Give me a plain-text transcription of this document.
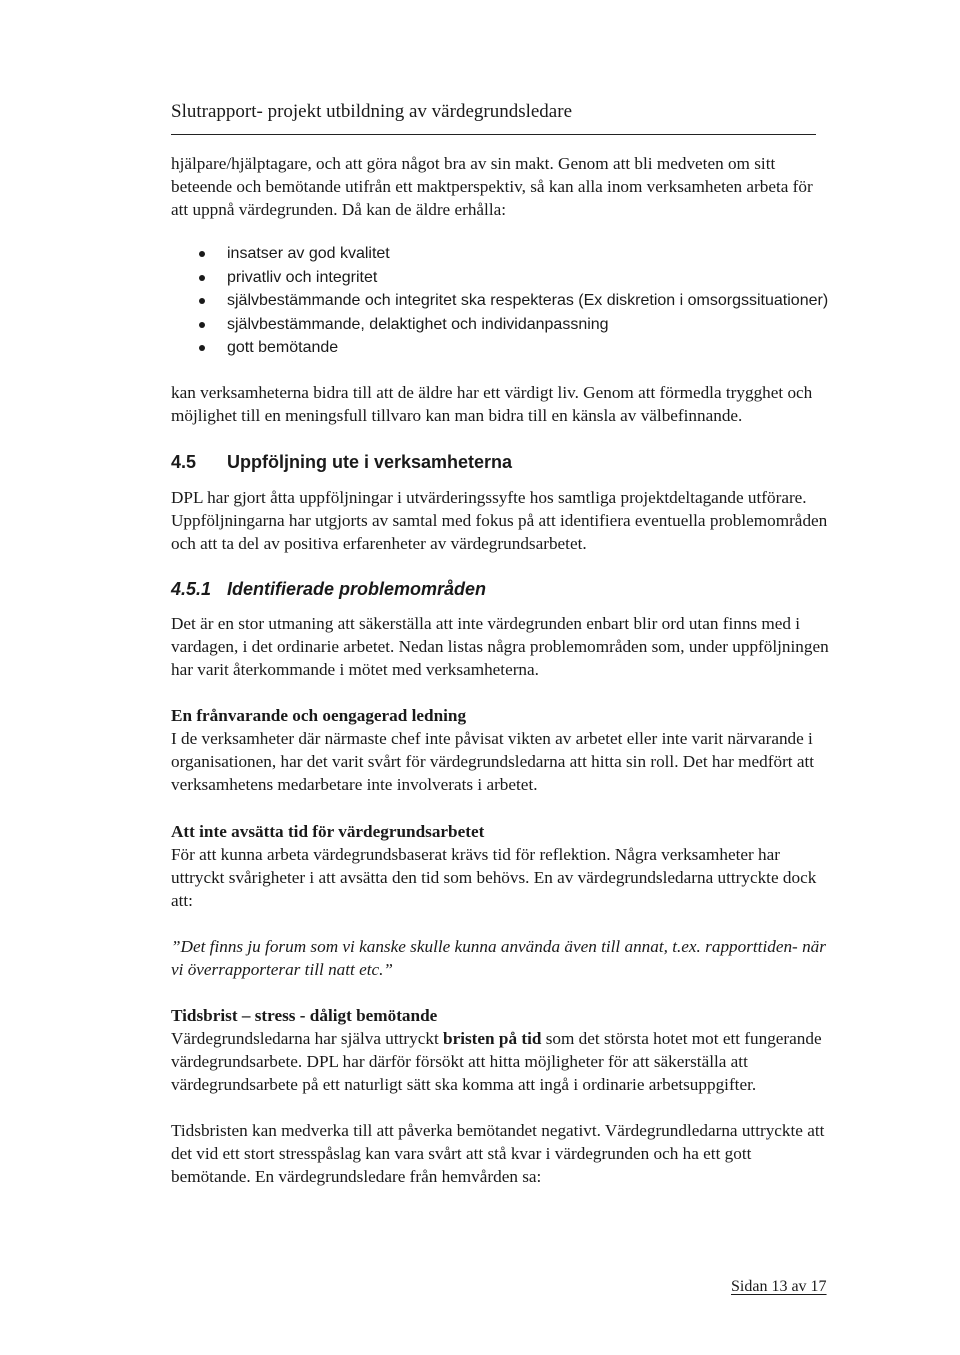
Slutrapport- projekt utbildning av värdegrundsledare

hjälpare/hjälptagare, och att göra något bra av sin makt. Genom att bli medveten om sitt beteende och bemötande utifrån ett maktperspektiv, så kan alla inom verksamheten arbeta för att uppnå värdegrunden. Då kan de äldre erhålla:

insatser av god kvalitet
privatliv och integritet
självbestämmande och integritet ska respekteras (Ex diskretion i omsorgssituationer)
självbestämmande, delaktighet och individanpassning
gott bemötande

kan verksamheterna bidra till att de äldre har ett värdigt liv. Genom att förmedla trygghet och möjlighet till en meningsfull tillvaro kan man bidra till en känsla av välbefinnande.

4.5 Uppföljning ute i verksamheterna

DPL har gjort åtta uppföljningar i utvärderingssyfte hos samtliga projektdeltagande utförare. Uppföljningarna har utgjorts av samtal med fokus på att identifiera eventuella problemområden och att ta del av positiva erfarenheter av värdegrundsarbetet.

4.5.1 Identifierade problemområden

Det är en stor utmaning att säkerställa att inte värdegrunden enbart blir ord utan finns med i vardagen, i det ordinarie arbetet. Nedan listas några problemområden som, under uppföljningen har varit återkommande i mötet med verksamheterna.

En frånvarande och oengagerad ledning

I de verksamheter där närmaste chef inte påvisat vikten av arbetet eller inte varit närvarande i organisationen, har det varit svårt för värdegrundsledarna att hitta sin roll. Det har medfört att verksamhetens medarbetare inte involverats i arbetet.

Att inte avsätta tid för värdegrundsarbetet

För att kunna arbeta värdegrundsbaserat krävs tid för reflektion. Några verksamheter har uttryckt svårigheter i att avsätta den tid som behövs. En av värdegrundsledarna uttryckte dock att:

”Det finns ju forum som vi kanske skulle kunna använda även till annat, t.ex. rapporttiden- när vi överrapporterar till natt etc.”

Tidsbrist – stress - dåligt bemötande

Värdegrundsledarna har själva uttryckt bristen på tid som det största hotet mot ett fungerande värdegrundsarbete. DPL har därför försökt att hitta möjligheter för att säkerställa att värdegrundsarbete på ett naturligt sätt ska komma att ingå i ordinarie arbetsuppgifter.

Tidsbristen kan medverka till att påverka bemötandet negativt. Värdegrundledarna uttryckte att det vid ett stort stresspåslag kan vara svårt att stå kvar i värdegrunden och ha ett gott bemötande. En värdegrundsledare från hemvården sa:

Sidan 13 av 17
